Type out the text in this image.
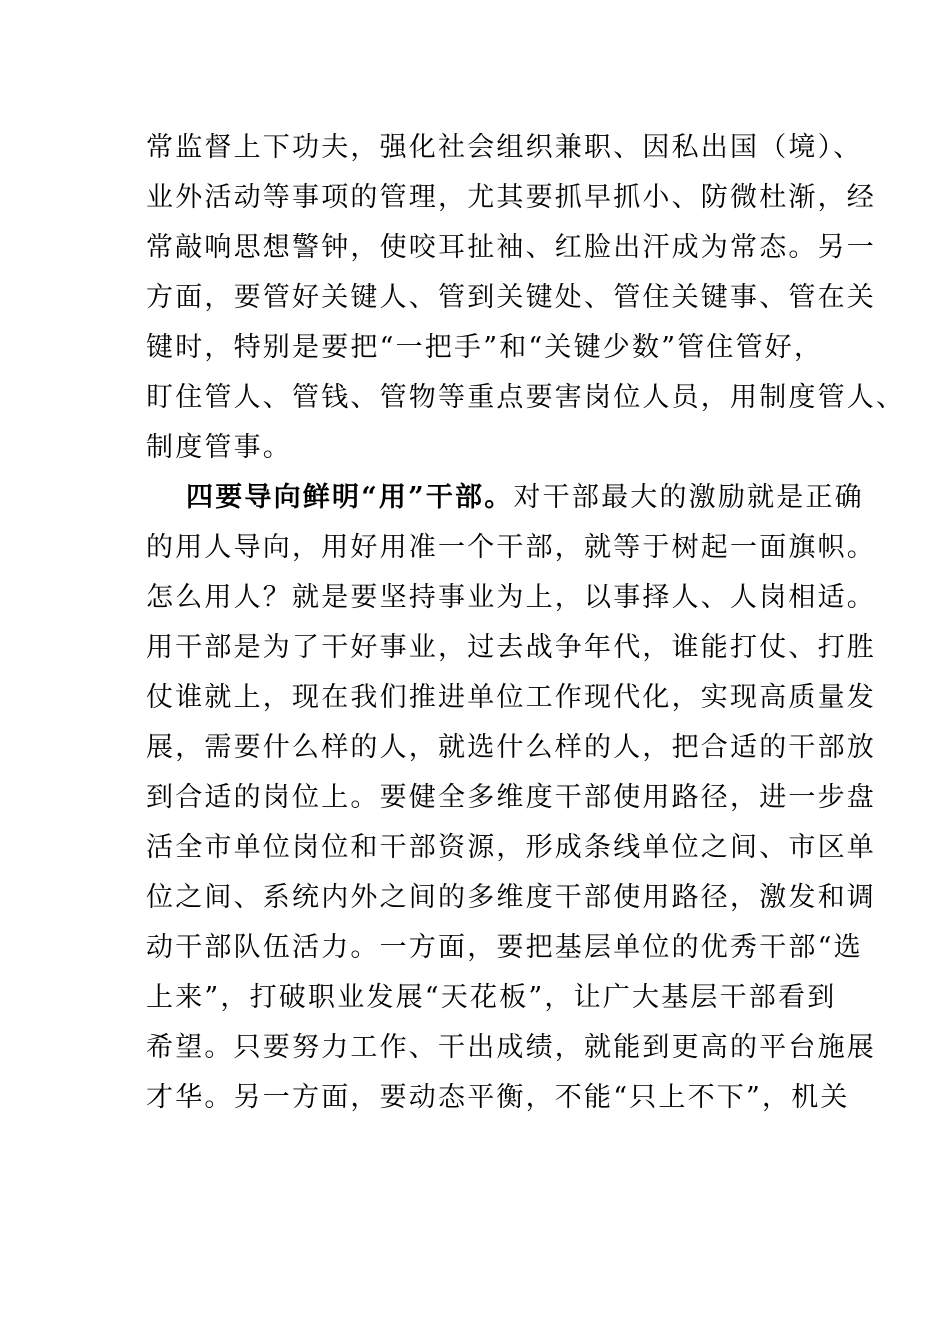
常监督上下功夫，强化社会组织兼职、因私出国（境）、
业外活动等事项的管理，尤其要抓早抓小、防微杜渐，经
常敲响思想警钟，使咬耳扯袖、红脸出汗成为常态。另一
方面，要管好关键人、管到关键处、管住关键事、管在关
键时，特别是要把“一把手”和“关键少数”管住管好，
盯住管人、管钱、管物等重点要害岗位人员，用制度管人、
制度管事。
四要导向鲜明“用”干部。对干部最大的激励就是正确
的用人导向，用好用准一个干部，就等于树起一面旗帜。
怎么用人？就是要坚持事业为上，以事择人、人岗相适。
用干部是为了干好事业，过去战争年代，谁能打仗、打胜
仗谁就上，现在我们推进单位工作现代化，实现高质量发
展，需要什么样的人，就选什么样的人，把合适的干部放
到合适的岗位上。要健全多维度干部使用路径，进一步盘
活全市单位岗位和干部资源，形成条线单位之间、市区单
位之间、系统内外之间的多维度干部使用路径，激发和调
动干部队伍活力。一方面，要把基层单位的优秀干部“选
上来”，打破职业发展“天花板”，让广大基层干部看到
希望。只要努力工作、干出成绩，就能到更高的平台施展
才华。另一方面，要动态平衡，不能“只上不下”，机关
